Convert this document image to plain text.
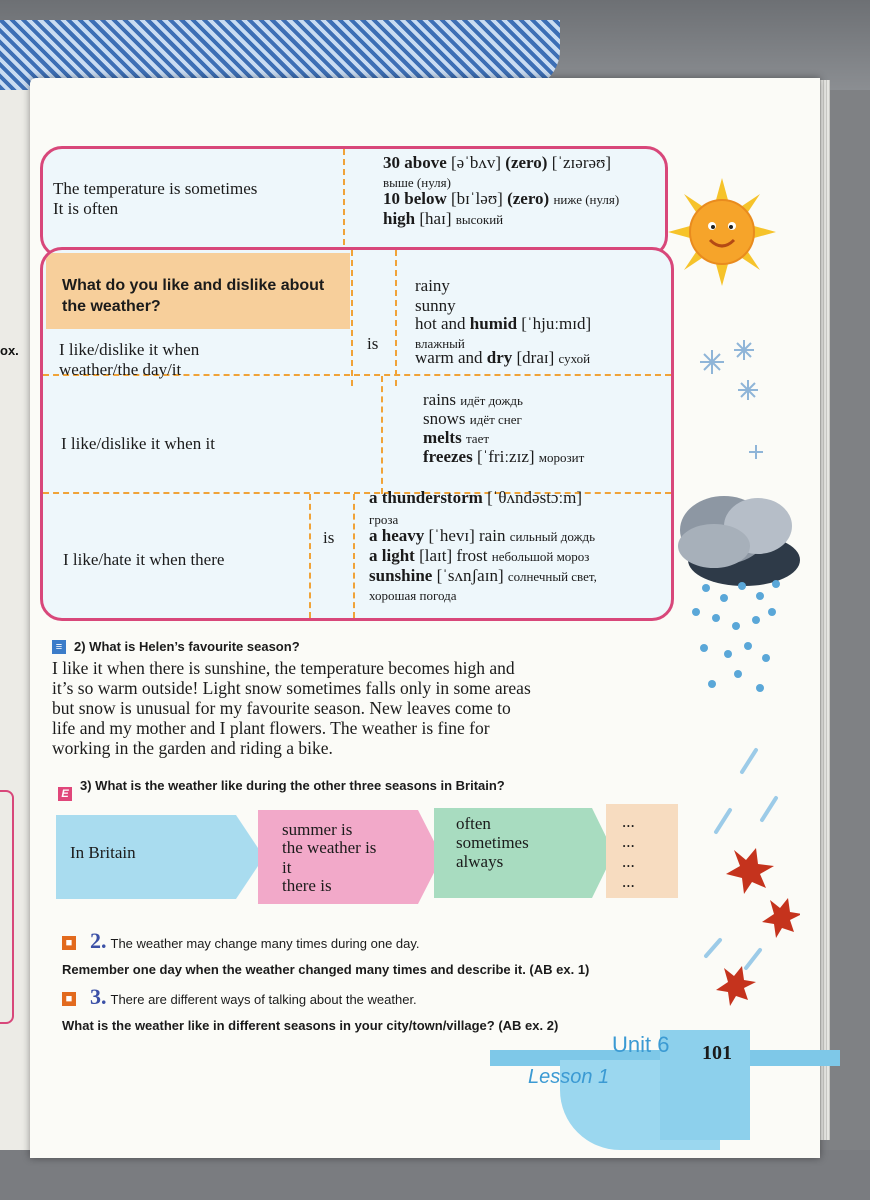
ox.
The temperature is sometimes
It is often
30 above [əˈbʌv] (zero) [ˈzɪərəʊ]
выше (нуля)
10 below [bɪˈləʊ] (zero) ниже (нуля)
high [haɪ] высокий
What do you like and dislike about the weather?
I like/dislike it when
weather/the day/it
is
rainy
sunny
hot and humid [ˈhjuːmɪd]
влажный
warm and dry [draɪ] сухой
I like/dislike it when it
rains идёт дождь
snows идёт снег
melts тает
freezes [ˈfriːzɪz] морозит
I like/hate it when there
is
a thunderstorm [ˈθʌndəstɔːm]
гроза
a heavy [ˈhevɪ] rain сильный дождь
a light [laɪt] frost небольшой мороз
sunshine [ˈsʌnʃaɪn] солнечный свет,
хорошая погода
≡ 2) What is Helen’s favourite season?
I like it when there is sunshine, the temperature becomes high and
it’s so warm outside! Light snow sometimes falls only in some areas
but snow is unusual for my favourite season. New leaves come to
life and my mother and I plant flowers. The weather is fine for
working in the garden and riding a bike.
E
3) What is the weather like during the other three seasons in Britain?
In Britain
summer is
the weather is
it
there is
often
sometimes
always
...
...
...
...
■ 2. The weather may change many times during one day.
Remember one day when the weather changed many times and describe it. (AB ex. 1)
■ 3. There are different ways of talking about the weather.
What is the weather like in different seasons in your city/town/village? (AB ex. 2)
Unit 6
Lesson 1
101
